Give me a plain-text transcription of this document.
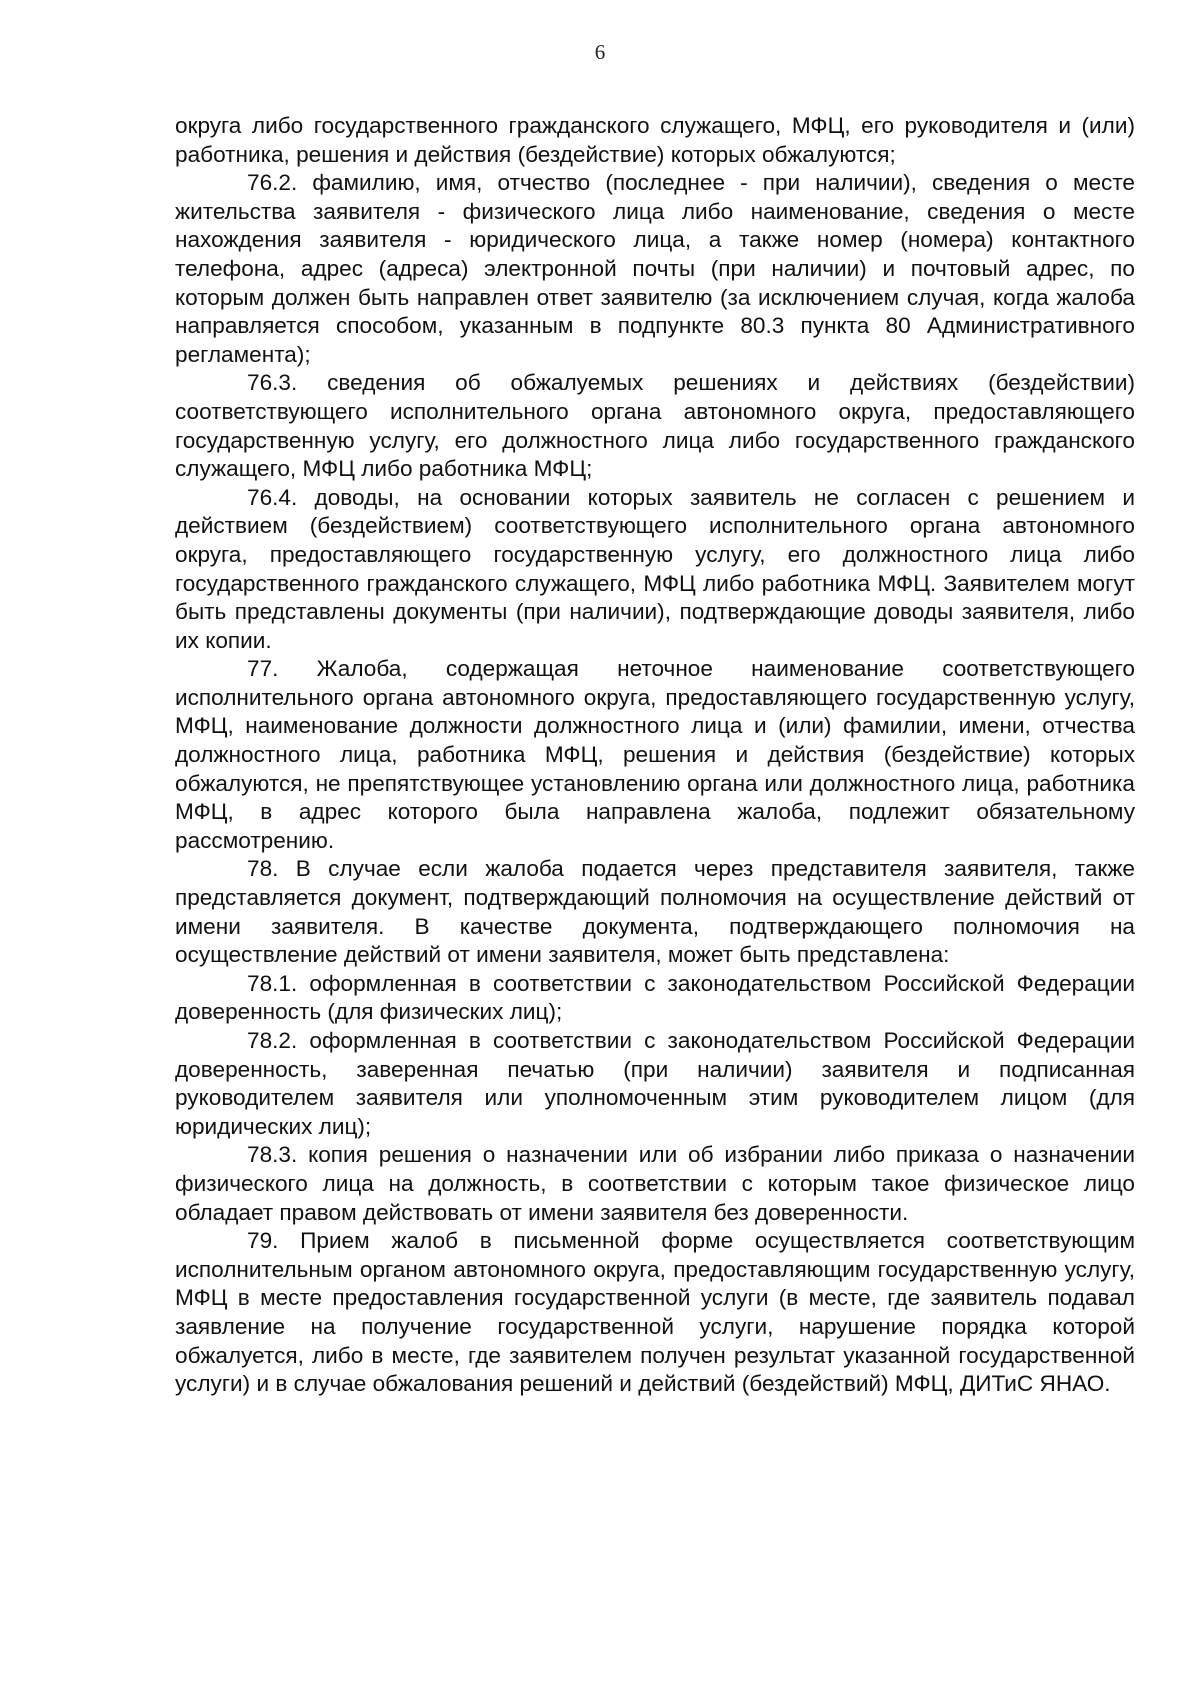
6

округа либо государственного гражданского служащего, МФЦ, его руководителя и (или) работника, решения и действия (бездействие) которых обжалуются;

76.2. фамилию, имя, отчество (последнее - при наличии), сведения о месте жительства заявителя - физического лица либо наименование, сведения о месте нахождения заявителя - юридического лица, а также номер (номера) контактного телефона, адрес (адреса) электронной почты (при наличии) и почтовый адрес, по которым должен быть направлен ответ заявителю (за исключением случая, когда жалоба направляется способом, указанным в подпункте 80.3 пункта 80 Административного регламента);

76.3. сведения об обжалуемых решениях и действиях (бездействии) соответствующего исполнительного органа автономного округа, предоставляющего государственную услугу, его должностного лица либо государственного гражданского служащего, МФЦ либо работника МФЦ;

76.4. доводы, на основании которых заявитель не согласен с решением и действием (бездействием) соответствующего исполнительного органа автономного округа, предоставляющего государственную услугу, его должностного лица либо государственного гражданского служащего, МФЦ либо работника МФЦ. Заявителем могут быть представлены документы (при наличии), подтверждающие доводы заявителя, либо их копии.

77. Жалоба, содержащая неточное наименование соответствующего исполнительного органа автономного округа, предоставляющего государственную услугу, МФЦ, наименование должности должностного лица и (или) фамилии, имени, отчества должностного лица, работника МФЦ, решения и действия (бездействие) которых обжалуются, не препятствующее установлению органа или должностного лица, работника МФЦ, в адрес которого была направлена жалоба, подлежит обязательному рассмотрению.

78. В случае если жалоба подается через представителя заявителя, также представляется документ, подтверждающий полномочия на осуществление действий от имени заявителя. В качестве документа, подтверждающего полномочия на осуществление действий от имени заявителя, может быть представлена:

78.1. оформленная в соответствии с законодательством Российской Федерации доверенность (для физических лиц);

78.2. оформленная в соответствии с законодательством Российской Федерации доверенность, заверенная печатью (при наличии) заявителя и подписанная руководителем заявителя или уполномоченным этим руководителем лицом (для юридических лиц);

78.3. копия решения о назначении или об избрании либо приказа о назначении физического лица на должность, в соответствии с которым такое физическое лицо обладает правом действовать от имени заявителя без доверенности.

79. Прием жалоб в письменной форме осуществляется соответствующим исполнительным органом автономного округа, предоставляющим государственную услугу, МФЦ в месте предоставления государственной услуги (в месте, где заявитель подавал заявление на получение государственной услуги, нарушение порядка которой обжалуется, либо в месте, где заявителем получен результат указанной государственной услуги) и в случае обжалования решений и действий (бездействий) МФЦ, ДИТиС ЯНАО.
